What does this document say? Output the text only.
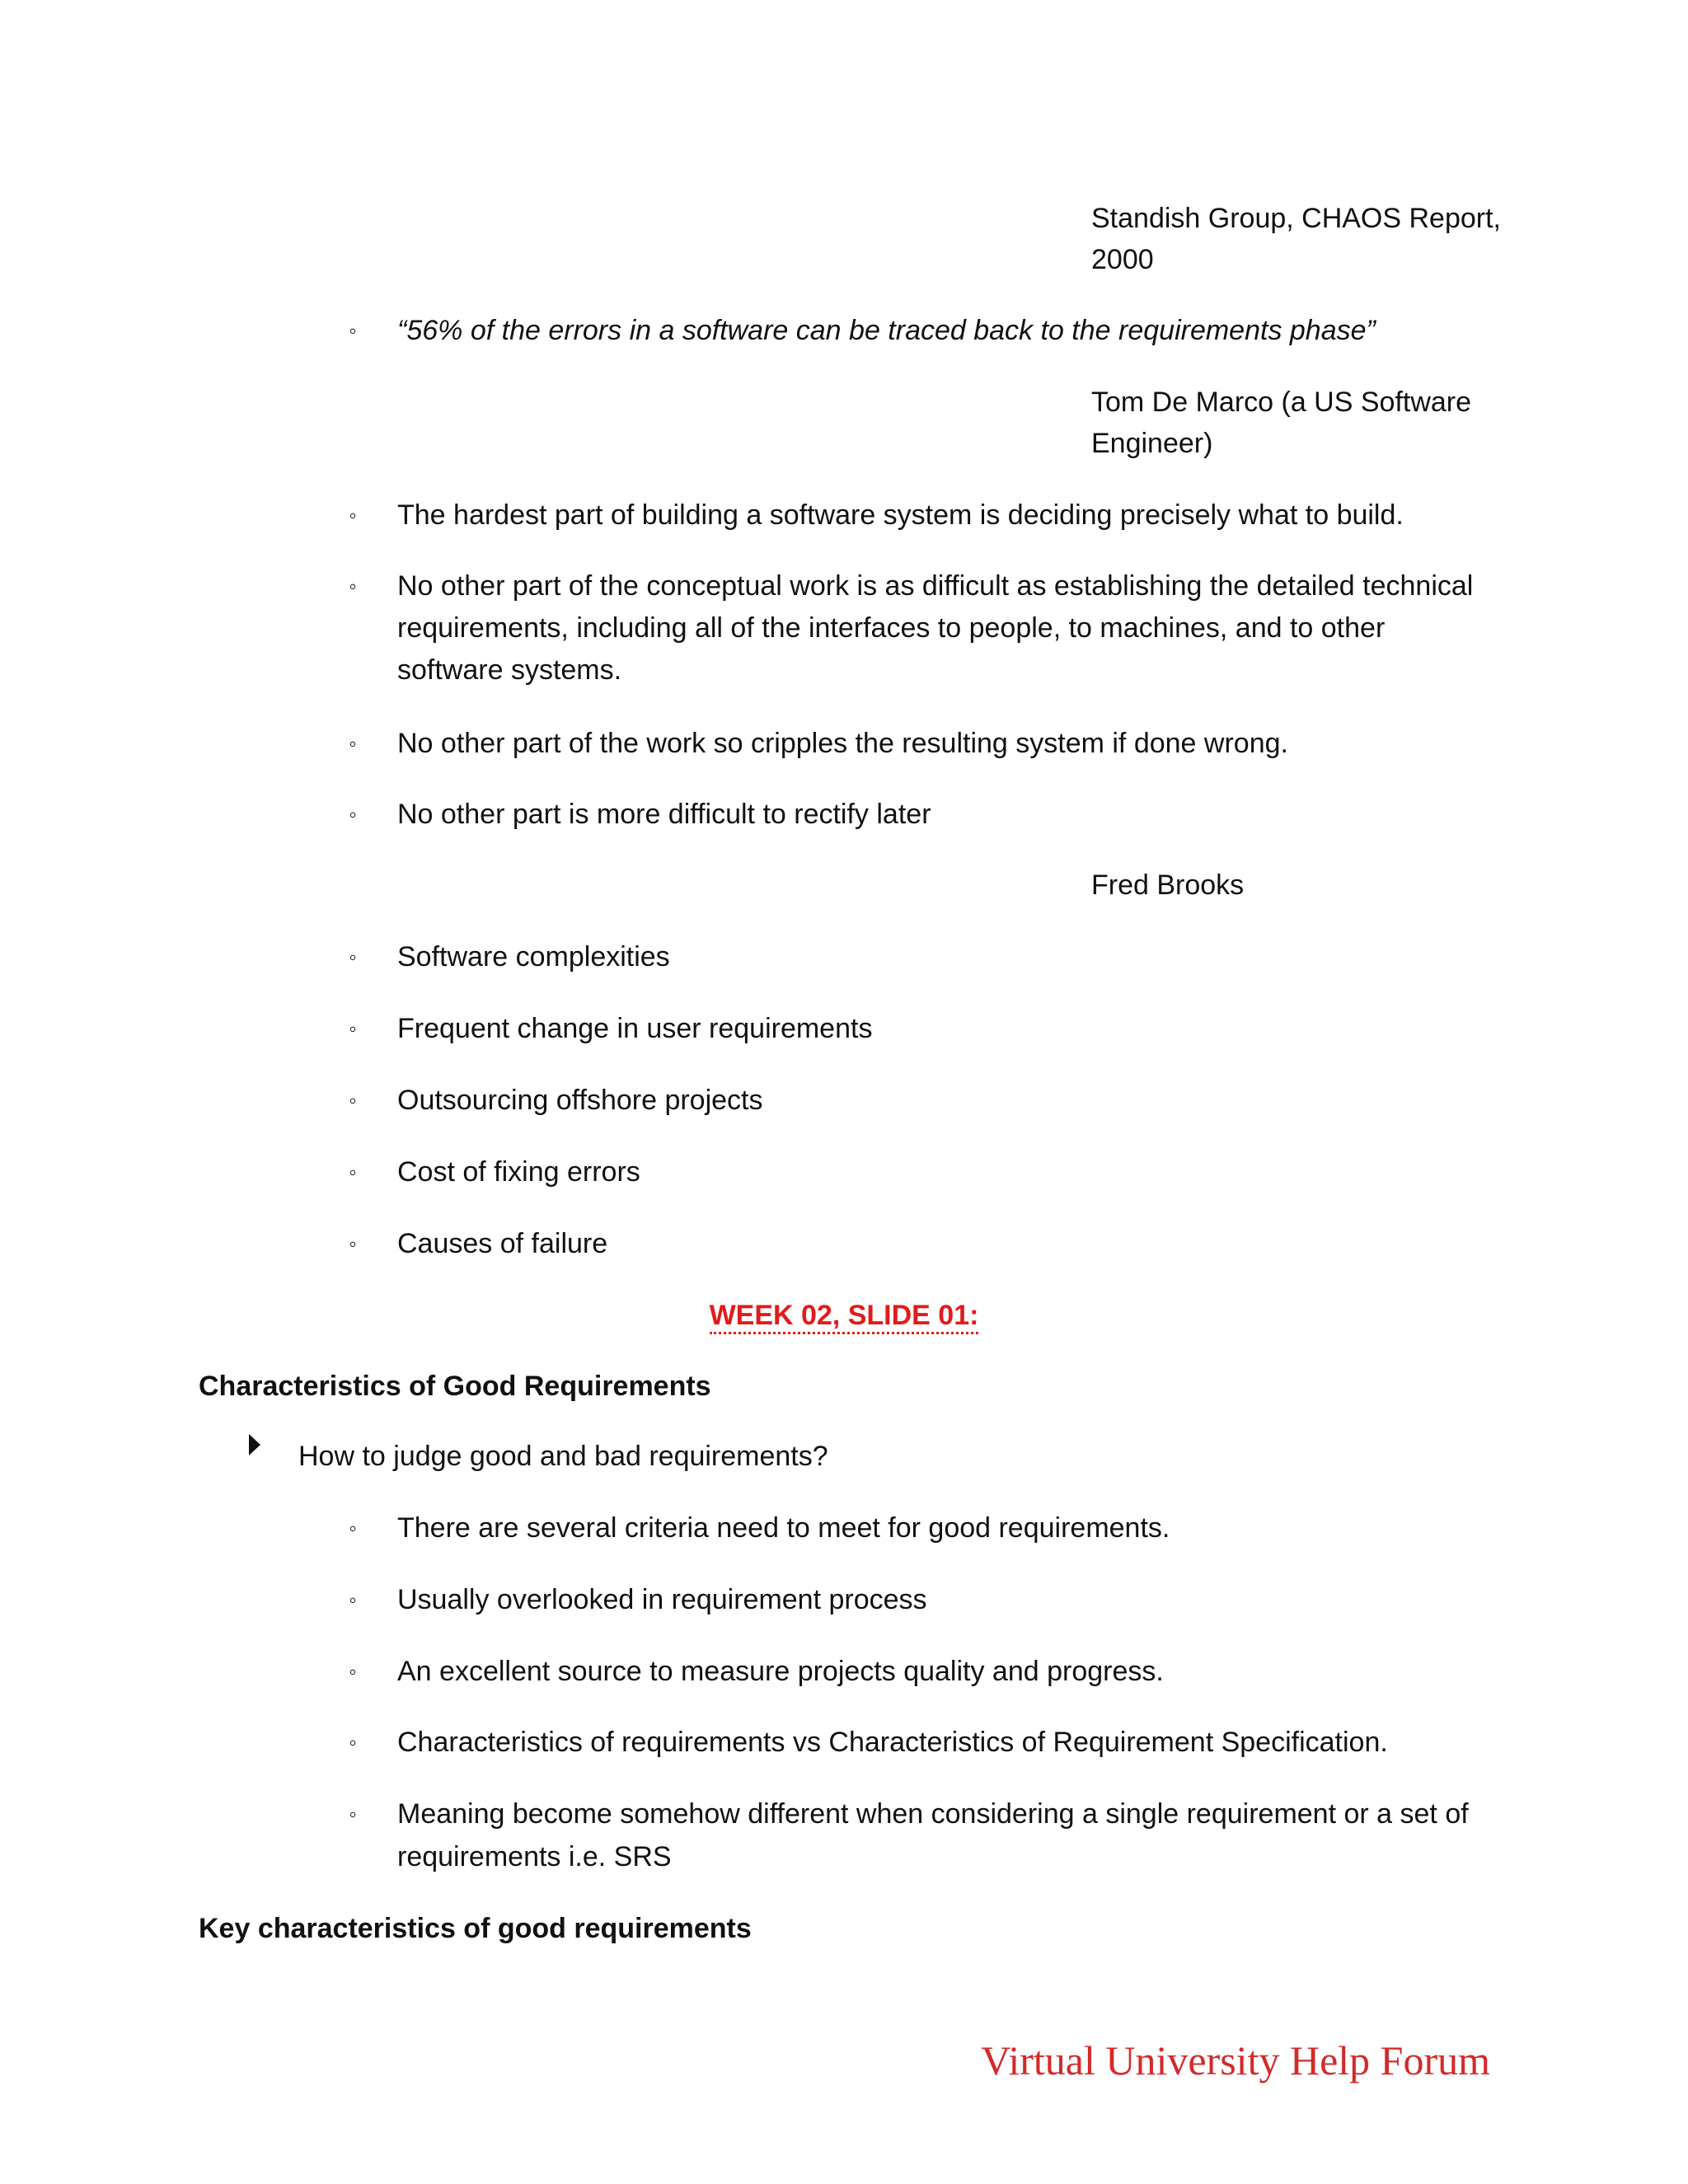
Standish Group, CHAOS Report,
2000
◦ “56% of the errors in a software can be traced back to the requirements phase”
Tom De Marco (a US Software
Engineer)
◦ The hardest part of building a software system is deciding precisely what to build.
◦ No other part of the conceptual work is as difficult as establishing the detailed technical
requirements, including all of the interfaces to people, to machines, and to other
software systems.
◦ No other part of the work so cripples the resulting system if done wrong.
◦ No other part is more difficult to rectify later
Fred Brooks
◦ Software complexities
◦ Frequent change in user requirements
◦ Outsourcing offshore projects
◦ Cost of fixing errors
◦ Causes of failure
WEEK 02, SLIDE 01:
Characteristics of Good Requirements
How to judge good and bad requirements?
◦ There are several criteria need to meet for good requirements.
◦ Usually overlooked in requirement process
◦ An excellent source to measure projects quality and progress.
◦ Characteristics of requirements vs Characteristics of Requirement Specification.
◦ Meaning become somehow different when considering a single requirement or a set of
requirements i.e. SRS
Key characteristics of good requirements
Virtual University Help Forum
